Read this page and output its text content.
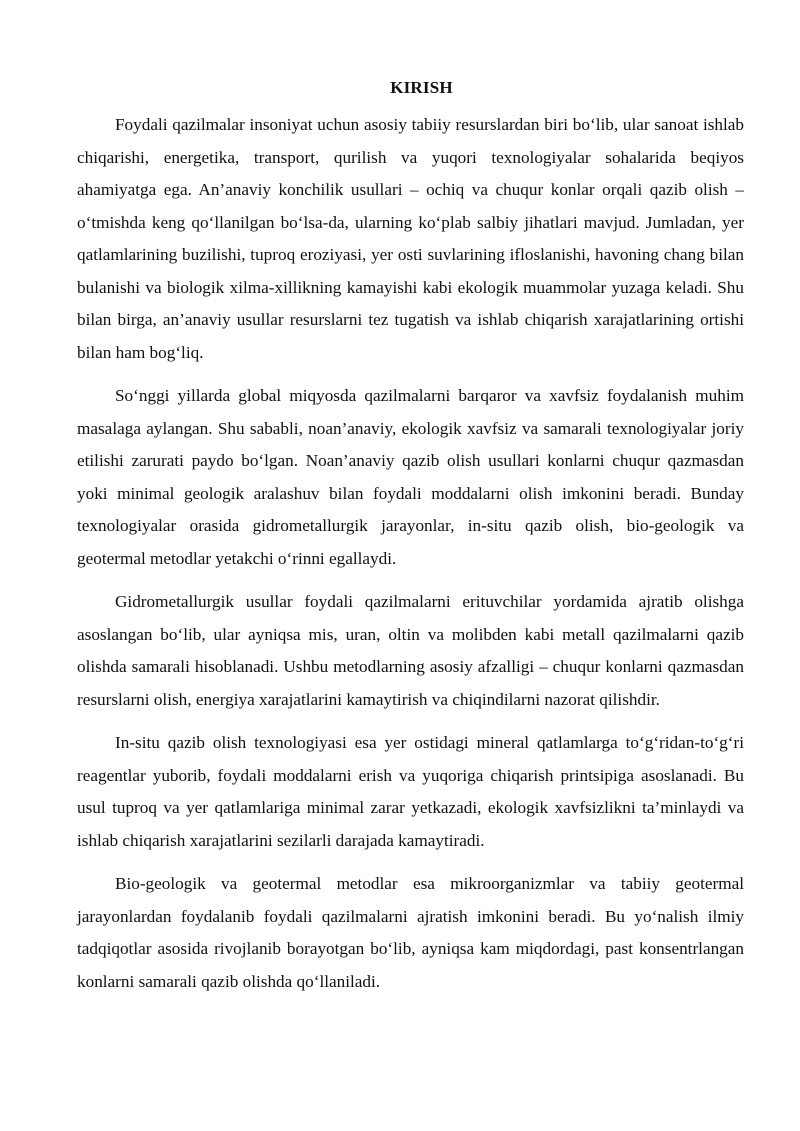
KIRISH

Foydali qazilmalar insoniyat uchun asosiy tabiiy resurslardan biri bo‘lib, ular sanoat ishlab chiqarishi, energetika, transport, qurilish va yuqori texnologiyalar sohalarida beqiyos ahamiyatga ega. An’anaviy konchilik usullari – ochiq va chuqur konlar orqali qazib olish – o‘tmishda keng qo‘llanilgan bo‘lsa-da, ularning ko‘plab salbiy jihatlari mavjud. Jumladan, yer qatlamlarining buzilishi, tuproq eroziyasi, yer osti suvlarining ifloslanishi, havoning chang bilan bulanishi va biologik xilma-xillikning kamayishi kabi ekologik muammolar yuzaga keladi. Shu bilan birga, an’anaviy usullar resurslarni tez tugatish va ishlab chiqarish xarajatlarining ortishi bilan ham bog‘liq.

So‘nggi yillarda global miqyosda qazilmalarni barqaror va xavfsiz foydalanish muhim masalaga aylangan. Shu sababli, noan’anaviy, ekologik xavfsiz va samarali texnologiyalar joriy etilishi zarurati paydo bo‘lgan. Noan’anaviy qazib olish usullari konlarni chuqur qazmasdan yoki minimal geologik aralashuv bilan foydali moddalarni olish imkonini beradi. Bunday texnologiyalar orasida gidrometallurgik jarayonlar, in-situ qazib olish, bio-geologik va geotermal metodlar yetakchi o‘rinni egallaydi.

Gidrometallurgik usullar foydali qazilmalarni erituvchilar yordamida ajratib olishga asoslangan bo‘lib, ular ayniqsa mis, uran, oltin va molibden kabi metall qazilmalarni qazib olishda samarali hisoblanadi. Ushbu metodlarning asosiy afzalligi – chuqur konlarni qazmasdan resurslarni olish, energiya xarajatlarini kamaytirish va chiqindilarni nazorat qilishdir.

In-situ qazib olish texnologiyasi esa yer ostidagi mineral qatlamlarga to‘g‘ridan-to‘g‘ri reagentlar yuborib, foydali moddalarni erish va yuqoriga chiqarish printsipiga asoslanadi. Bu usul tuproq va yer qatlamlariga minimal zarar yetkazadi, ekologik xavfsizlikni ta’minlaydi va ishlab chiqarish xarajatlarini sezilarli darajada kamaytiradi.

Bio-geologik va geotermal metodlar esa mikroorganizmlar va tabiiy geotermal jarayonlardan foydalanib foydali qazilmalarni ajratish imkonini beradi. Bu yo‘nalish ilmiy tadqiqotlar asosida rivojlanib borayotgan bo‘lib, ayniqsa kam miqdordagi, past konsentrlangan konlarni samarali qazib olishda qo‘llaniladi.
